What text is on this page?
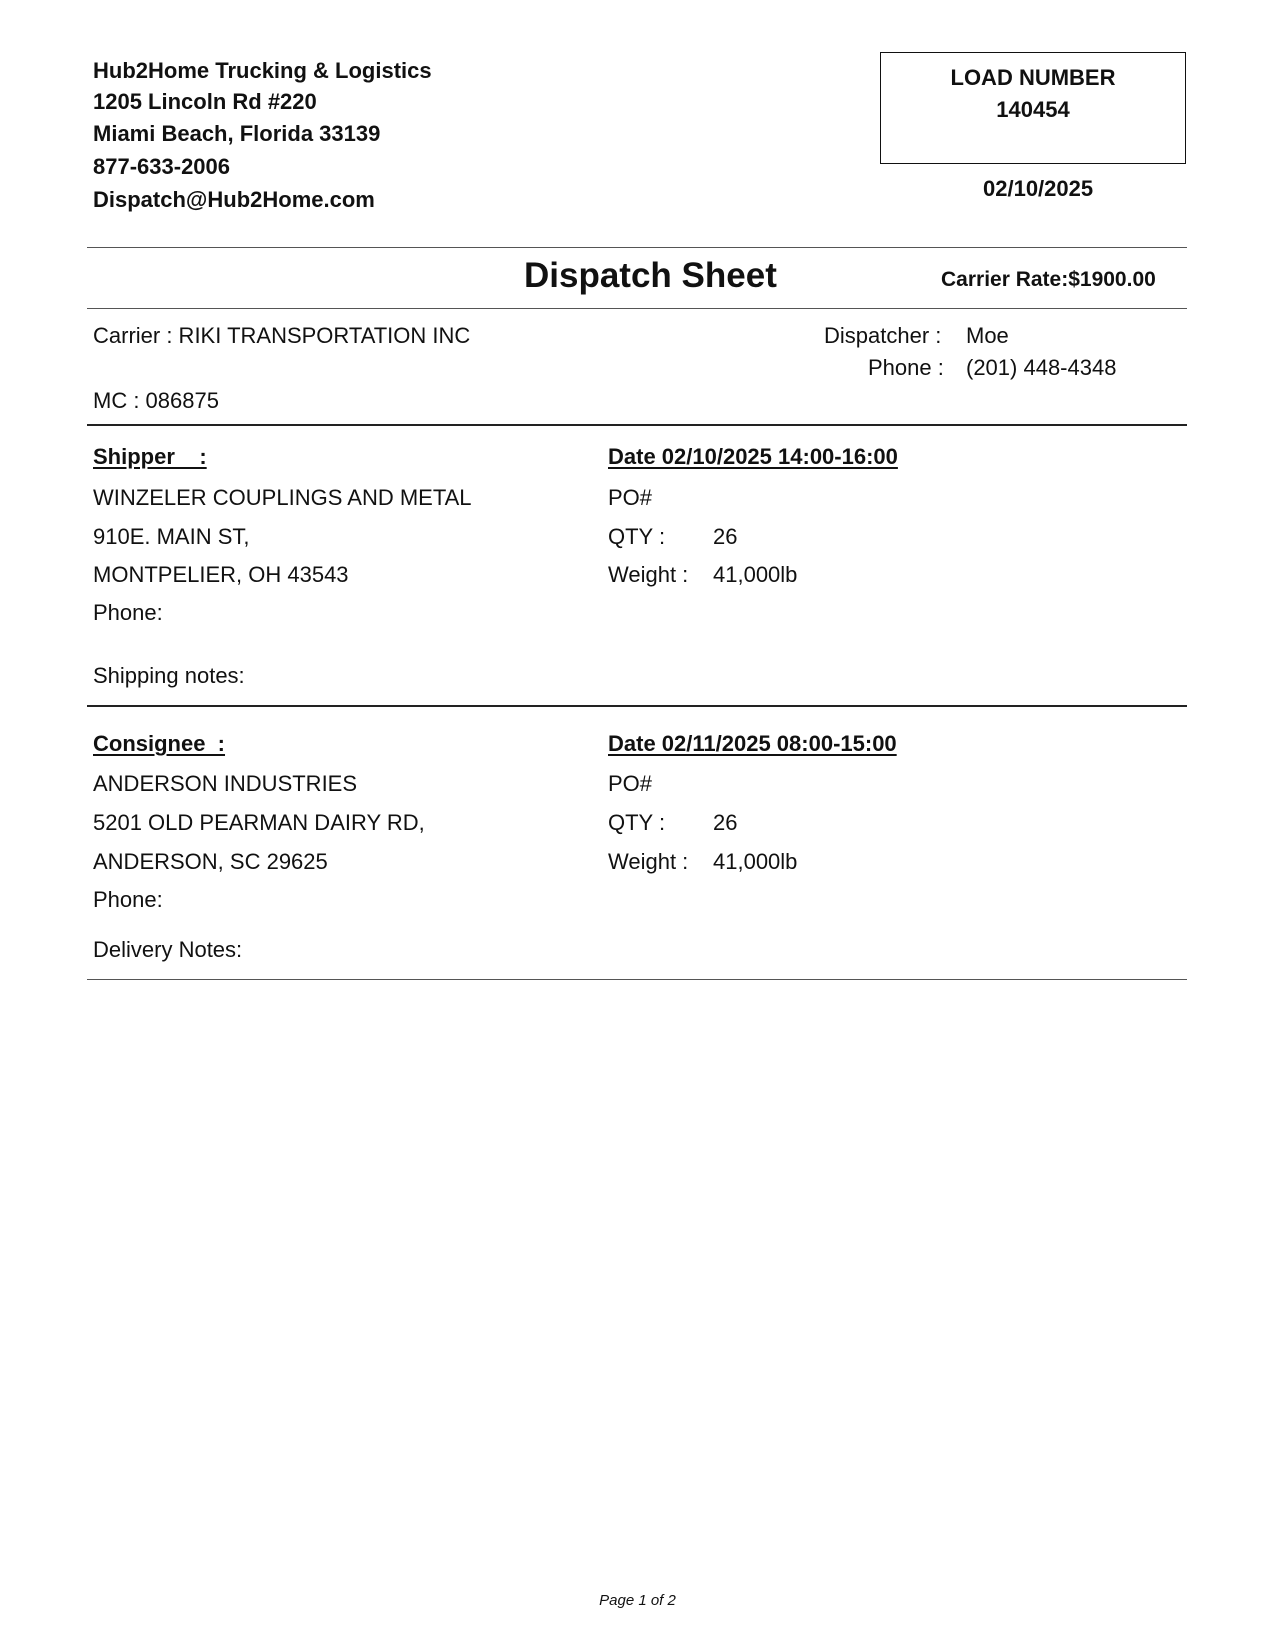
Hub2Home Trucking & Logistics
1205 Lincoln Rd #220
Miami Beach, Florida 33139
877-633-2006
Dispatch@Hub2Home.com
LOAD NUMBER
140454
02/10/2025
Dispatch Sheet	Carrier Rate:$1900.00
Carrier : RIKI TRANSPORTATION INC	Dispatcher : Moe
Phone : (201) 448-4348
MC : 086875
Shipper    :	Date 02/10/2025 14:00-16:00
WINZELER COUPLINGS AND METAL	PO#
910E. MAIN ST,	QTY : 26
MONTPELIER, OH 43543	Weight : 41,000lb
Phone:
Shipping notes:
Consignee  :	Date 02/11/2025 08:00-15:00
ANDERSON INDUSTRIES	PO#
5201 OLD PEARMAN DAIRY RD,	QTY : 26
ANDERSON, SC 29625	Weight : 41,000lb
Phone:
Delivery Notes:
Page 1 of 2
